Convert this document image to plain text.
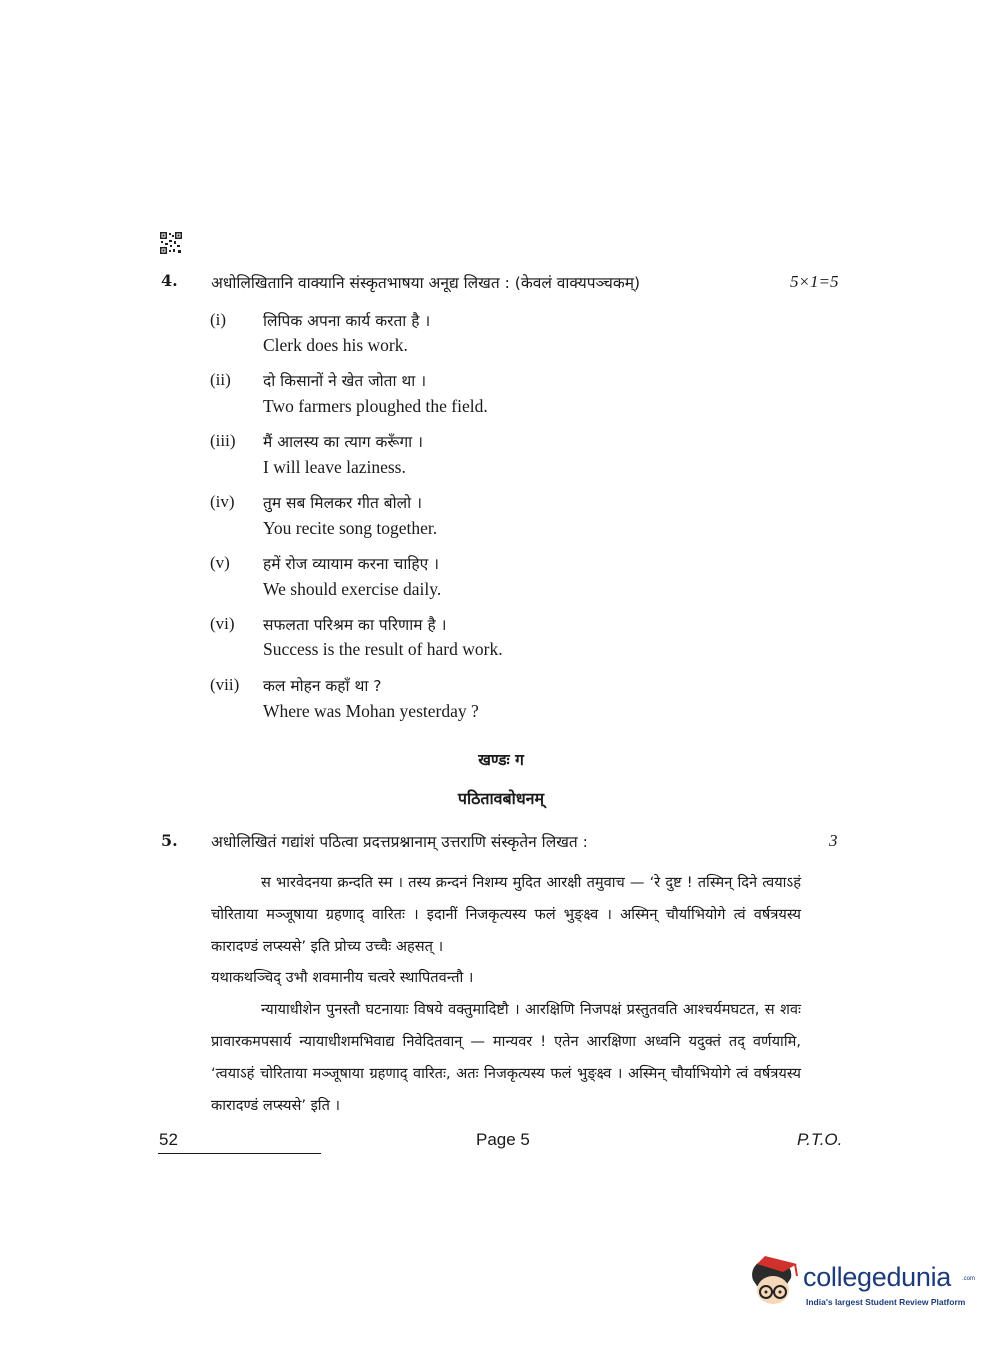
4. अधोलिखितानि वाक्यानि संस्कृतभाषया अनूद्य लिखत : (केवलं वाक्यपञ्चकम्)	5×1=5
(i) लिपिक अपना कार्य करता है ।
Clerk does his work.
(ii) दो किसानों ने खेत जोता था ।
Two farmers ploughed the field.
(iii) मैं आलस्य का त्याग करूँगा ।
I will leave laziness.
(iv) तुम सब मिलकर गीत बोलो ।
You recite song together.
(v) हमें रोज व्यायाम करना चाहिए ।
We should exercise daily.
(vi) सफलता परिश्रम का परिणाम है ।
Success is the result of hard work.
(vii) कल मोहन कहाँ था ?
Where was Mohan yesterday ?
खण्डः ग
पठितावबोधनम्
5. अधोलिखितं गद्यांशं पठित्वा प्रदत्तप्रश्नानाम् उत्तराणि संस्कृतेन लिखत :	3

स भारवेदनया क्रन्दति स्म । तस्य क्रन्दनं निशम्य मुदित आरक्षी तमुवाच — ‘रे दुष्ट ! तस्मिन् दिने त्वयाऽहं चोरिताया मञ्जूषाया ग्रहणाद् वारितः । इदानीं निजकृत्यस्य फलं भुङ्क्ष्व । अस्मिन् चौर्याभियोगे त्वं वर्षत्रयस्य कारादण्डं लप्स्यसे’ इति प्रोच्य उच्चैः अहसत् ।

यथाकथञ्चिद् उभौ शवमानीय चत्वरे स्थापितवन्तौ ।

न्यायाधीशेन पुनस्तौ घटनायाः विषये वक्तुमादिष्टौ । आरक्षिणि निजपक्षं प्रस्तुतवति आश्चर्यमघटत, स शवः प्रावारकमपसार्य न्यायाधीशमभिवाद्य निवेदितवान् — मान्यवर ! एतेन आरक्षिणा अध्वनि यदुक्तं तद् वर्णयामि, ‘त्वयाऽहं चोरिताया मञ्जूषाया ग्रहणाद् वारितः, अतः निजकृत्यस्य फलं भुङ्क्ष्व । अस्मिन् चौर्याभियोगे त्वं वर्षत्रयस्य कारादण्डं लप्स्यसे’ इति ।

52	Page 5	P.T.O.
collegedunia .com
India's largest Student Review Platform
